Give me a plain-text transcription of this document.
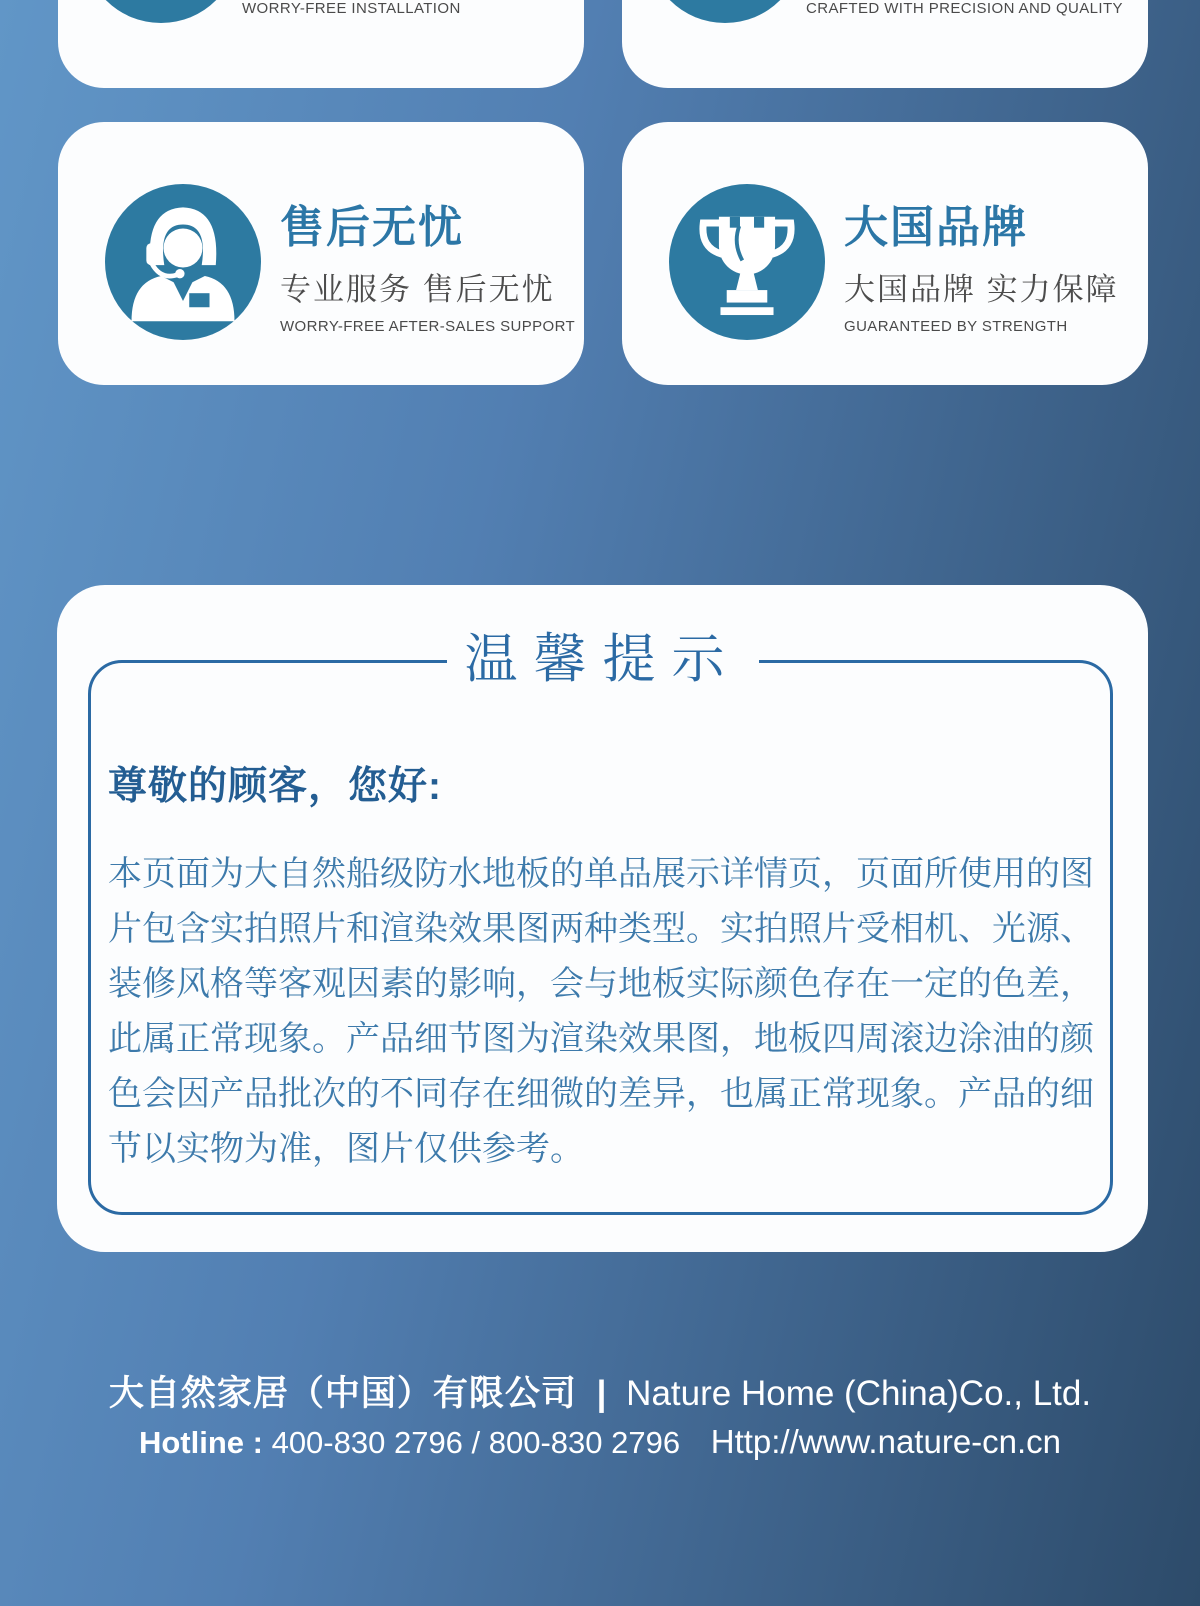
WORRY-FREE INSTALLATION	CRAFTED WITH PRECISION AND QUALITY
售后无忧
专业服务 售后无忧
WORRY-FREE AFTER-SALES SUPPORT
大国品牌
大国品牌 实力保障
GUARANTEED BY STRENGTH
温馨提示
尊敬的顾客，您好:
本页面为大自然船级防水地板的单品展示详情页，页面所使用的图
片包含实拍照片和渲染效果图两种类型。实拍照片受相机、光源、
装修风格等客观因素的影响，会与地板实际颜色存在一定的色差，
此属正常现象。产品细节图为渲染效果图，地板四周滚边涂油的颜
色会因产品批次的不同存在细微的差异，也属正常现象。产品的细
节以实物为准，图片仅供参考。
大自然家居（中国）有限公司 | Nature Home (China)Co., Ltd.
Hotline : 400-830 2796 / 800-830 2796 Http://www.nature-cn.cn
